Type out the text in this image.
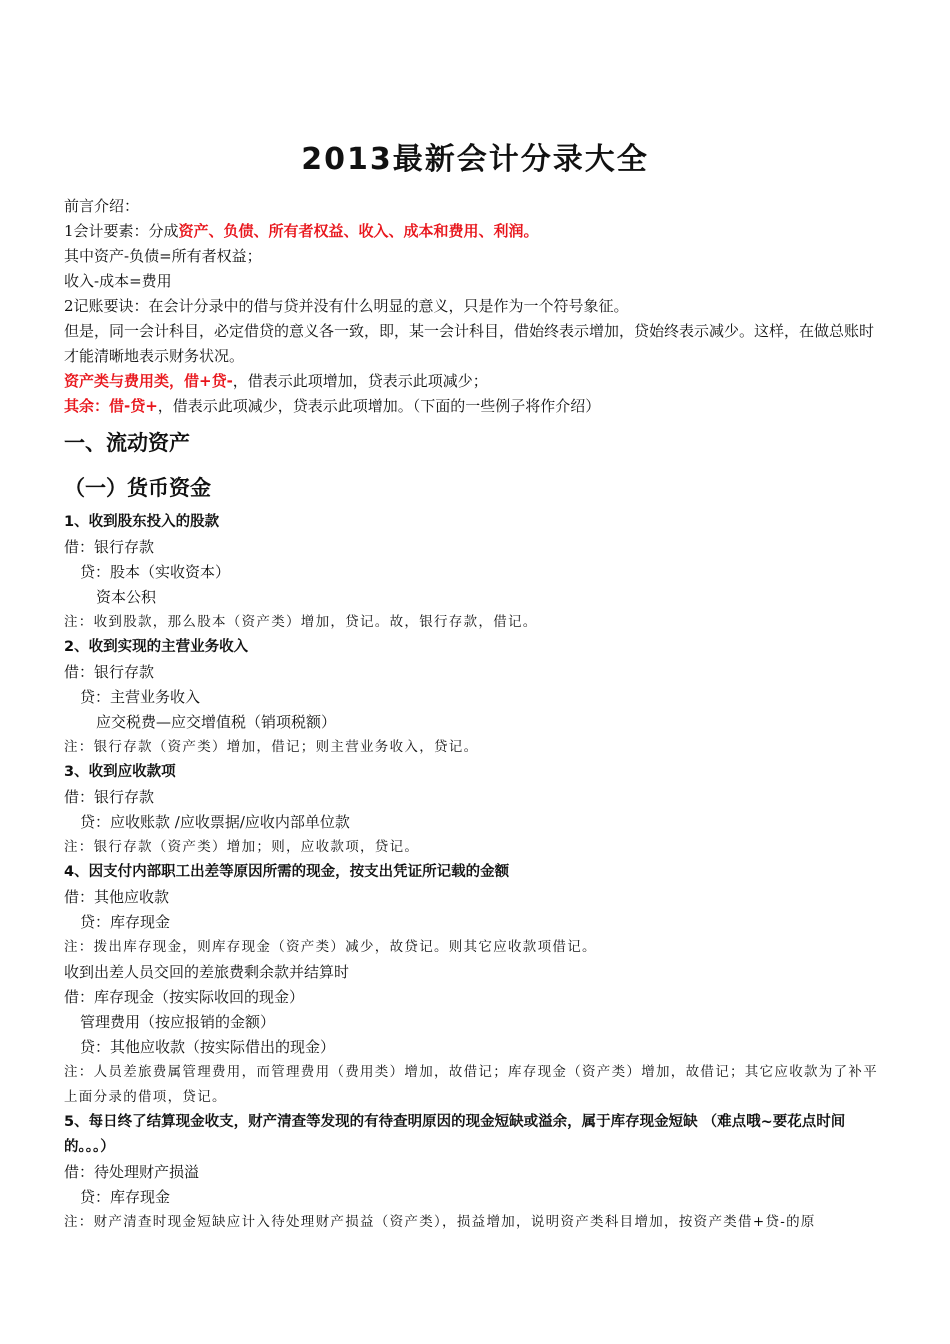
2013最新会计分录大全

前言介绍：

1会计要素：分成资产、负债、所有者权益、收入、成本和费用、利润。

其中资产-负债=所有者权益；

收入-成本=费用

2记账要诀：在会计分录中的借与贷并没有什么明显的意义，只是作为一个符号象征。

但是，同一会计科目，必定借贷的意义各一致，即，某一会计科目，借始终表示增加，贷始终表示减少。这样，在做总账时才能清晰地表示财务状况。

资产类与费用类，借+贷-，借表示此项增加，贷表示此项减少；

其余：借-贷+，借表示此项减少，贷表示此项增加。（下面的一些例子将作介绍）

一、流动资产
（一）货币资金

1、收到股东投入的股款

借：银行存款

贷：股本（实收资本）

资本公积

注：收到股款，那么股本（资产类）增加，贷记。故，银行存款，借记。

2、收到实现的主营业务收入

借：银行存款

贷：主营业务收入

应交税费—应交增值税（销项税额）

注：银行存款（资产类）增加，借记；则主营业务收入，贷记。

3、收到应收款项

借：银行存款

贷：应收账款 /应收票据/应收内部单位款

注：银行存款（资产类）增加；则，应收款项，贷记。

4、因支付内部职工出差等原因所需的现金，按支出凭证所记载的金额

借：其他应收款

贷：库存现金

注：拨出库存现金，则库存现金（资产类）减少，故贷记。则其它应收款项借记。

收到出差人员交回的差旅费剩余款并结算时

借：库存现金（按实际收回的现金）

管理费用（按应报销的金额）

贷：其他应收款（按实际借出的现金）

注：人员差旅费属管理费用，而管理费用（费用类）增加，故借记；库存现金（资产类）增加，故借记；其它应收款为了补平上面分录的借项，贷记。

5、每日终了结算现金收支，财产清查等发现的有待查明原因的现金短缺或溢余，属于库存现金短缺 （难点哦~要花点时间的。。。）

借：待处理财产损溢

贷：库存现金

注：财产清查时现金短缺应计入待处理财产损益（资产类），损益增加，说明资产类科目增加，按资产类借+贷-的原
